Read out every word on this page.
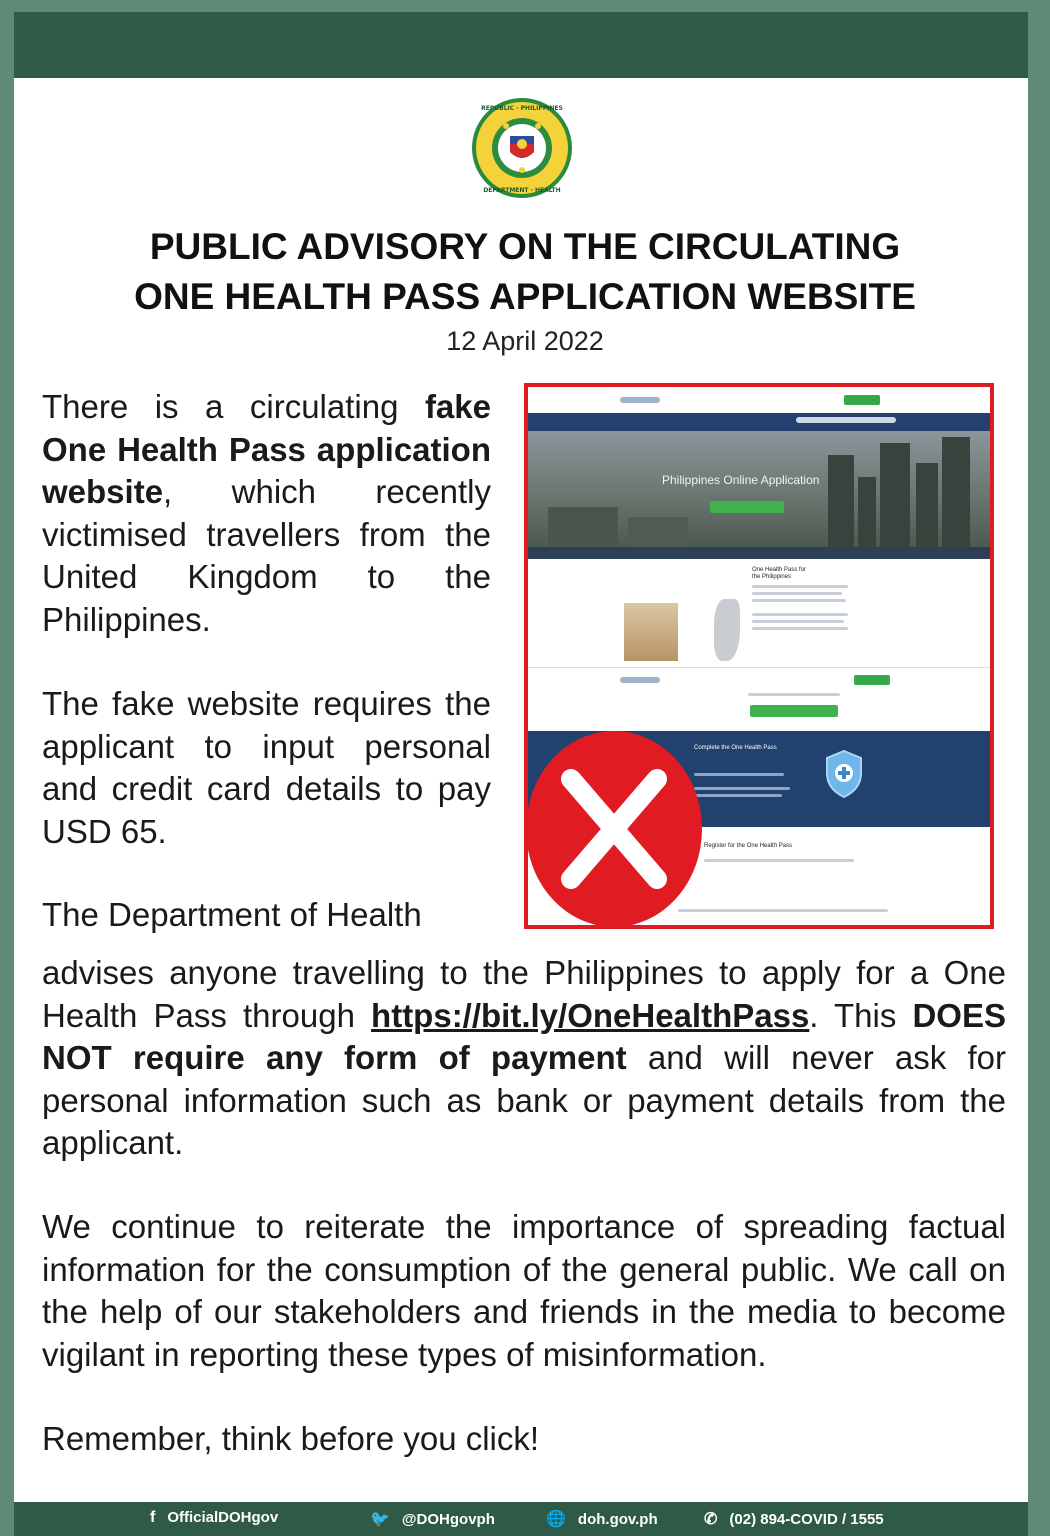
REPUBLIC · PHILIPPINES
DEPARTMENT · HEALTH
PUBLIC ADVISORY ON THE CIRCULATING
ONE HEALTH PASS APPLICATION WEBSITE
12 April 2022
There is a circulating fake One Health Pass application website, which recently victimised travellers from the United Kingdom to the Philippines.
The fake website requires the applicant to input personal and credit card details to pay USD 65.
The Department of Health
advises anyone travelling to the Philippines to apply for a One Health Pass through https://bit.ly/OneHealthPass. This DOES NOT require any form of payment and will never ask for personal information such as bank or payment details from the applicant.
We continue to reiterate the importance of spreading factual information for the consumption of the general public. We call on the help of our stakeholders and friends in the media to become vigilant in reporting these types of misinformation.
Remember, think before you click!
Philippines Online Application
One Health Pass for the Philippines
Complete the One Health Pass
Register for the One Health Pass
f OfficialDOHgov	🐦 @DOHgovph	🌐 doh.gov.ph	✆ (02) 894-COVID / 1555
